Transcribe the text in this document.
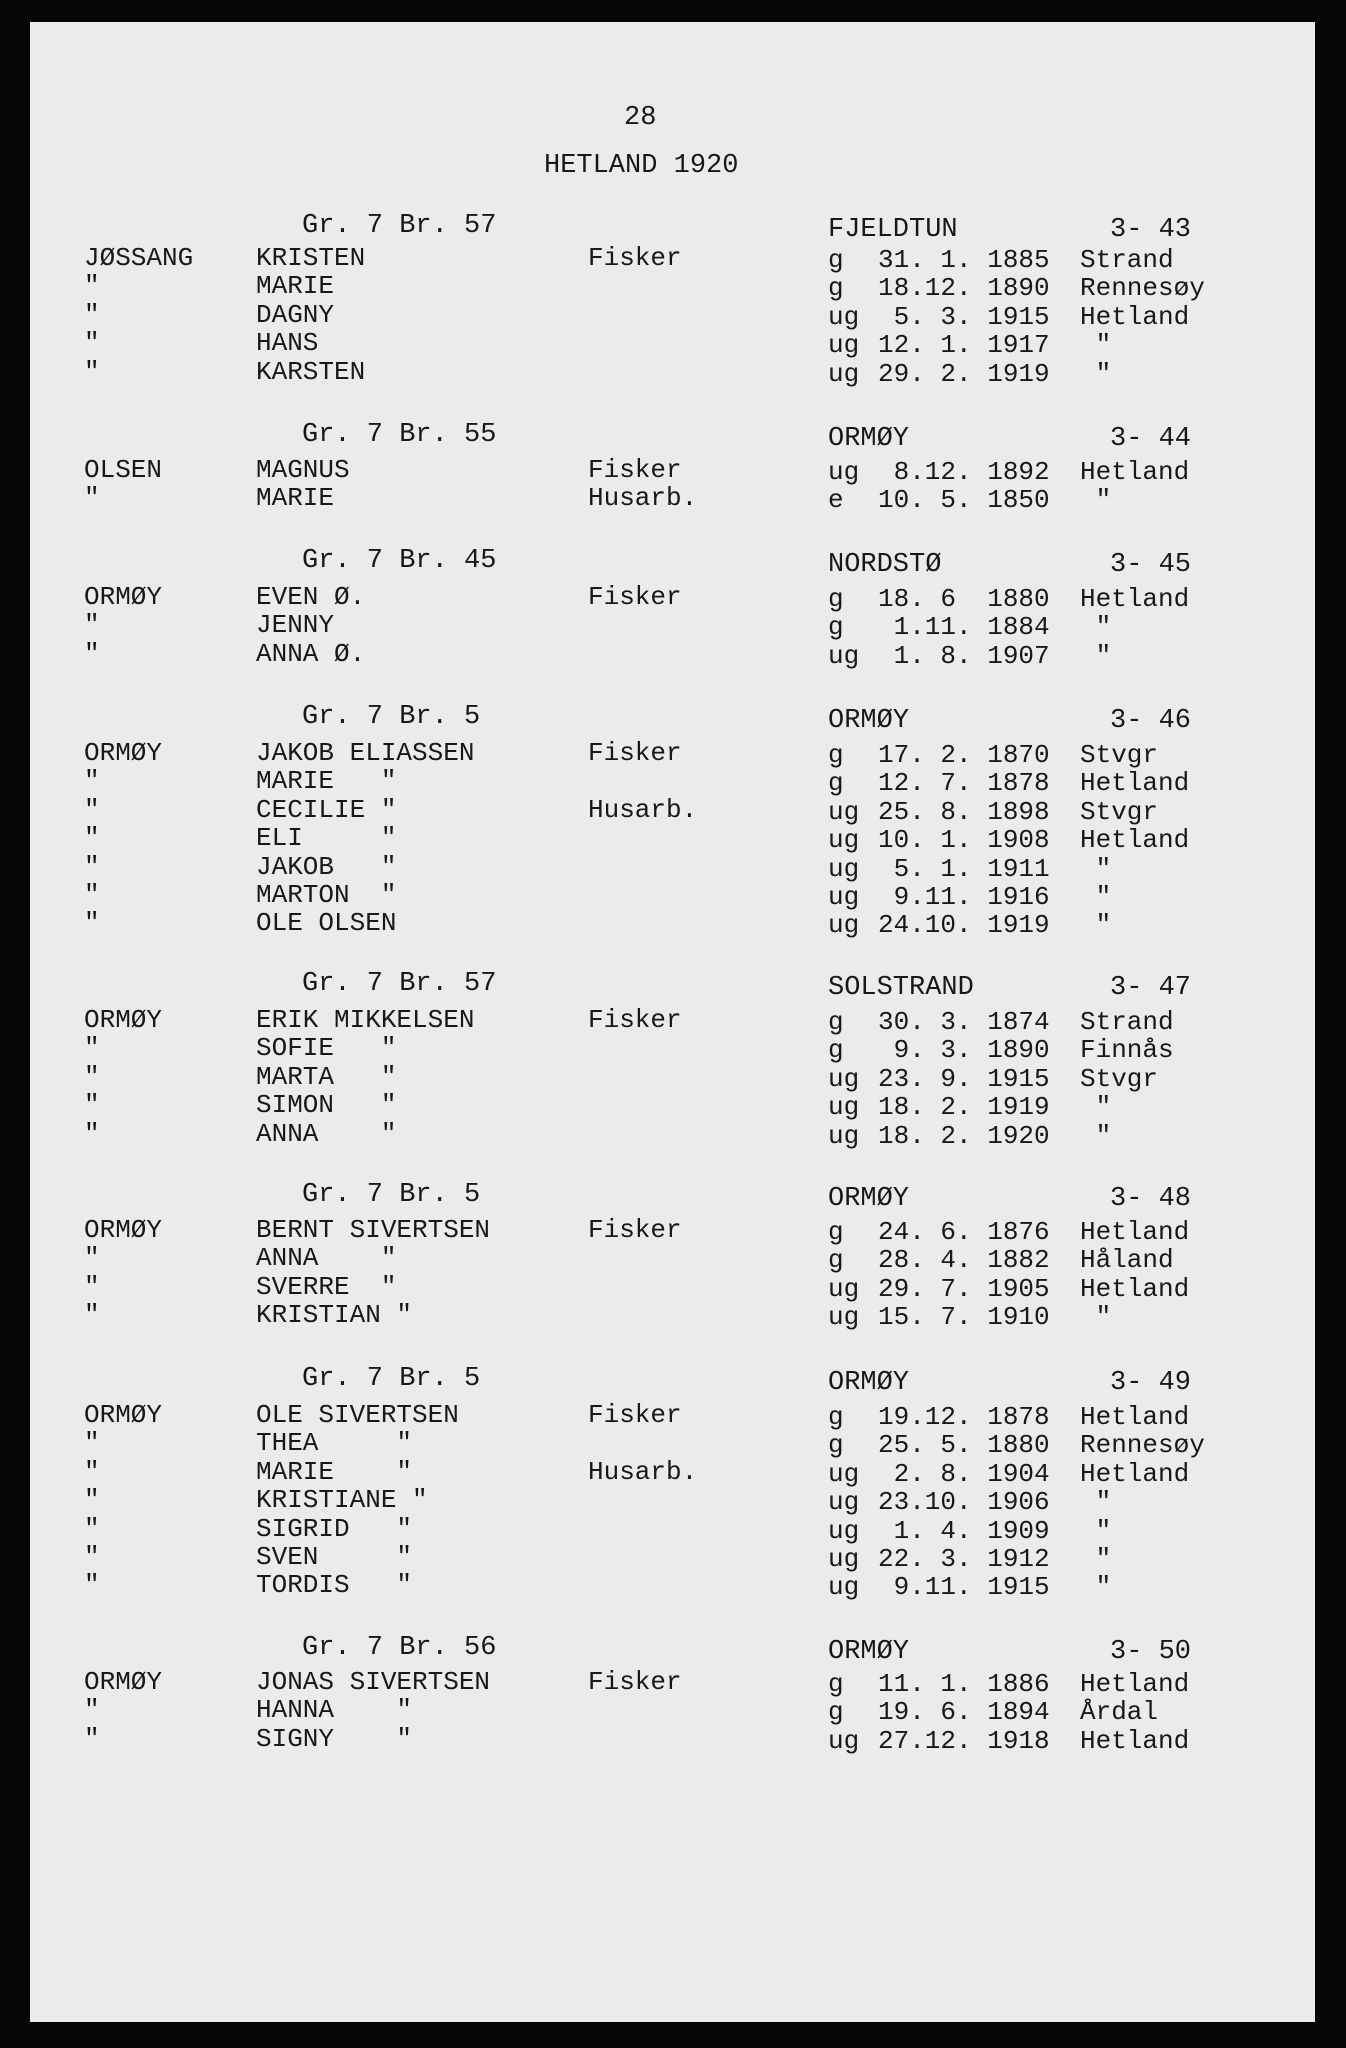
28
HETLAND 1920
Gr. 7 Br. 57	FJELDTUN	3- 43
JØSSANG KRISTEN	Fisker	g 31. 1. 1885 Strand
"	MARIE	g 18.12. 1890 Rennesøy
"	DAGNY	ug 5. 3. 1915 Hetland
"	HANS	ug 12. 1. 1917 "
"	KARSTEN	ug 29. 2. 1919 "
Gr. 7 Br. 55	ORMØY	3- 44
OLSEN	MAGNUS	Fisker	ug 8.12. 1892 Hetland
"	MARIE	Husarb.	e 10. 5. 1850 "
Gr. 7 Br. 45	NORDSTØ	3- 45
ORMØY	EVEN Ø.	Fisker	g 18. 6  1880 Hetland
"	JENNY	g 1.11. 1884 "
"	ANNA Ø.	ug 1. 8. 1907 "
Gr. 7 Br. 5	ORMØY	3- 46
ORMØY	JAKOB ELIASSEN	Fisker	g 17. 2. 1870 Stvgr
"	MARIE   "	g 12. 7. 1878 Hetland
"	CECILIE "	Husarb.	ug 25. 8. 1898 Stvgr
"	ELI     "	ug 10. 1. 1908 Hetland
"	JAKOB   "	ug 5. 1. 1911 "
"	MARTON  "	ug 9.11. 1916 "
"	OLE OLSEN	ug 24.10. 1919 "
Gr. 7 Br. 57	SOLSTRAND	3- 47
ORMØY	ERIK MIKKELSEN	Fisker	g 30. 3. 1874 Strand
"	SOFIE   "	g 9. 3. 1890 Finnås
"	MARTA   "	ug 23. 9. 1915 Stvgr
"	SIMON   "	ug 18. 2. 1919 "
"	ANNA    "	ug 18. 2. 1920 "
Gr. 7 Br. 5	ORMØY	3- 48
ORMØY	BERNT SIVERTSEN	Fisker	g 24. 6. 1876 Hetland
"	ANNA    "	g 28. 4. 1882 Håland
"	SVERRE  "	ug 29. 7. 1905 Hetland
"	KRISTIAN "	ug 15. 7. 1910 "
Gr. 7 Br. 5	ORMØY	3- 49
ORMØY	OLE SIVERTSEN	Fisker	g 19.12. 1878 Hetland
"	THEA     "	g 25. 5. 1880 Rennesøy
"	MARIE    "	Husarb.	ug 2. 8. 1904 Hetland
"	KRISTIANE "	ug 23.10. 1906 "
"	SIGRID   "	ug 1. 4. 1909 "
"	SVEN     "	ug 22. 3. 1912 "
"	TORDIS   "	ug 9.11. 1915 "
Gr. 7 Br. 56	ORMØY	3- 50
ORMØY	JONAS SIVERTSEN	Fisker	g 11. 1. 1886 Hetland
"	HANNA    "	g 19. 6. 1894 Årdal
"	SIGNY    "	ug 27.12. 1918 Hetland
